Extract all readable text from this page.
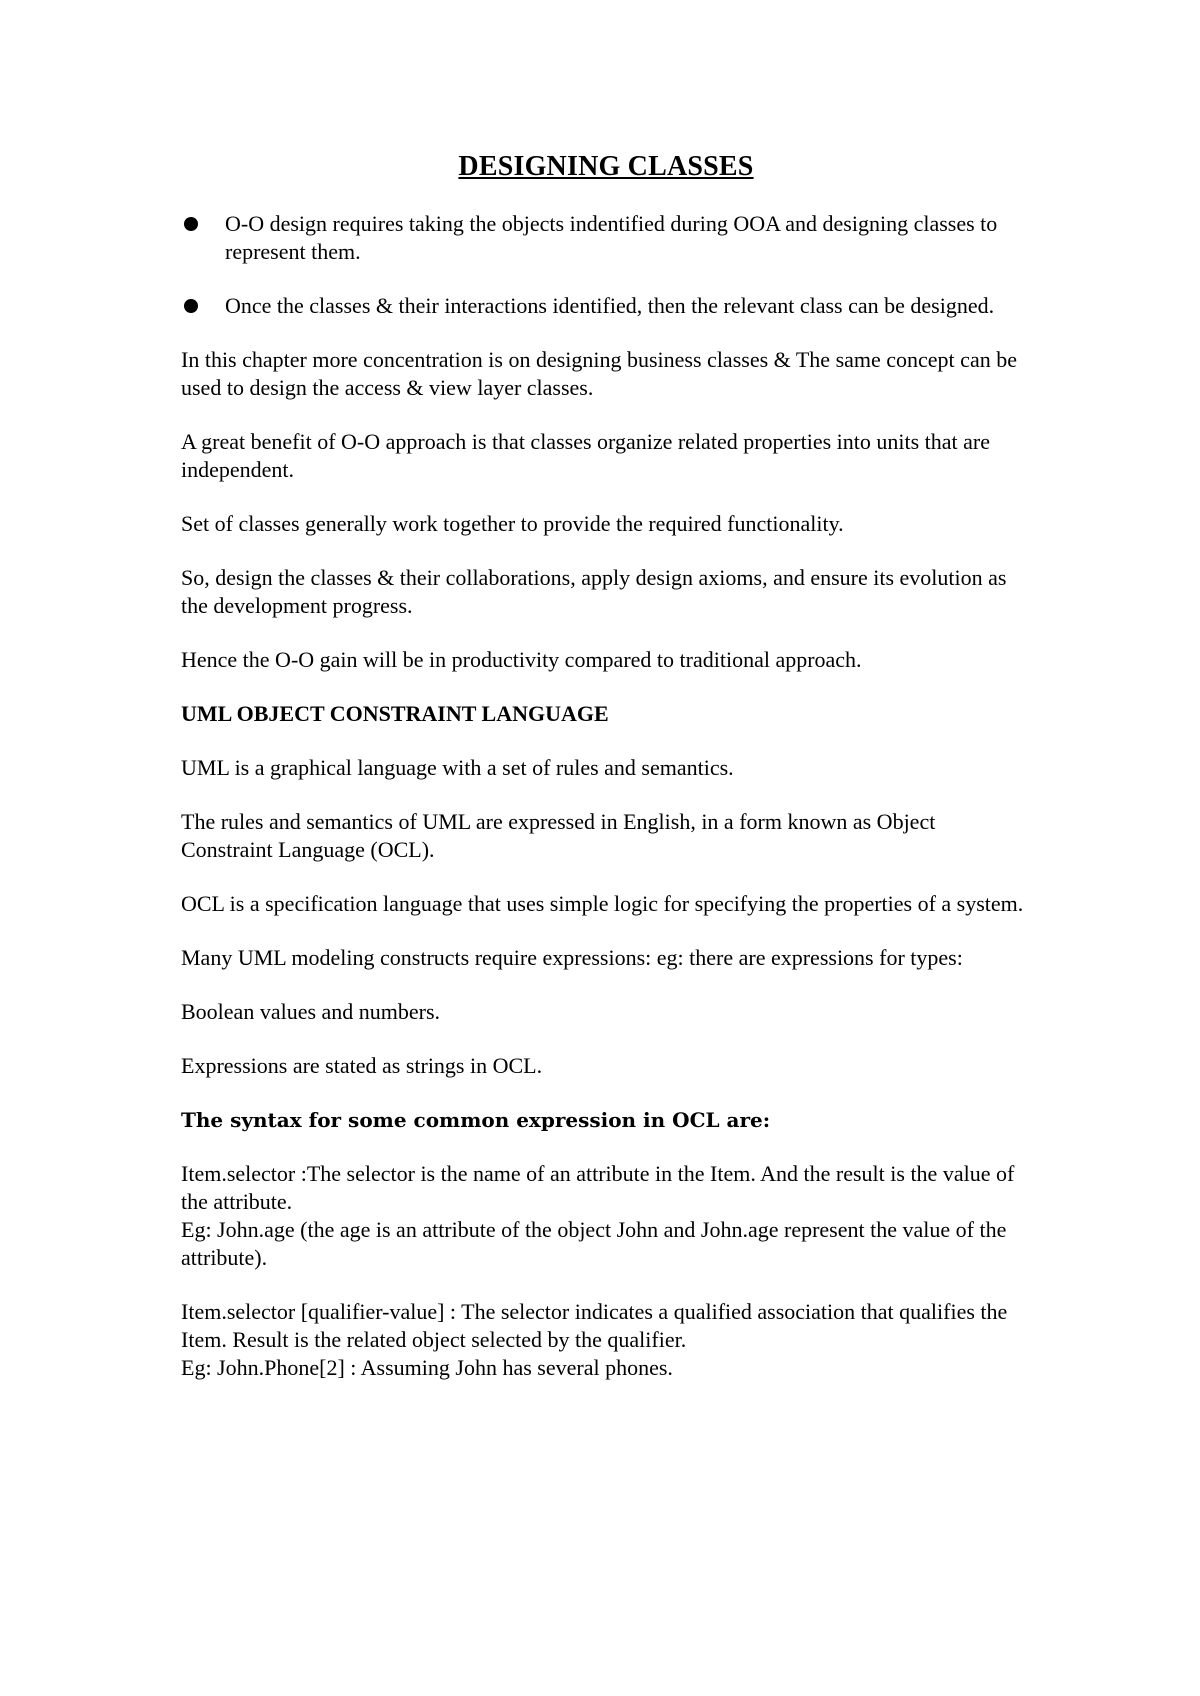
DESIGNING CLASSES
O-O design requires taking the objects indentified during OOA and designing classes to represent them.
Once the classes & their interactions identified, then the relevant class can be designed.

In this chapter more concentration is on designing business classes & The same concept can be used to design the access & view layer classes.

A great benefit of O-O approach is that classes organize related properties into units that are independent.

Set of classes generally work together to provide the required functionality.

So, design the classes & their collaborations, apply design axioms, and ensure its evolution as the development progress.

Hence the O-O gain will be in productivity compared to traditional approach.

UML OBJECT CONSTRAINT LANGUAGE

UML is a graphical language with a set of rules and semantics.

The rules and semantics of UML are expressed in English, in a form known as Object Constraint Language (OCL).

OCL is a specification language that uses simple logic for specifying the properties of a system.

Many UML modeling constructs require expressions: eg: there are expressions for types:

Boolean values and numbers.

Expressions are stated as strings in OCL.

The syntax for some common expression in OCL are:

Item.selector :The selector is the name of an attribute in the Item. And the result is the value of the attribute.

Eg: John.age (the age is an attribute of the object John and John.age represent the value of the attribute).

Item.selector [qualifier-value] : The selector indicates a qualified association that qualifies the Item. Result is the related object selected by the qualifier.

Eg: John.Phone[2] : Assuming John has several phones.
